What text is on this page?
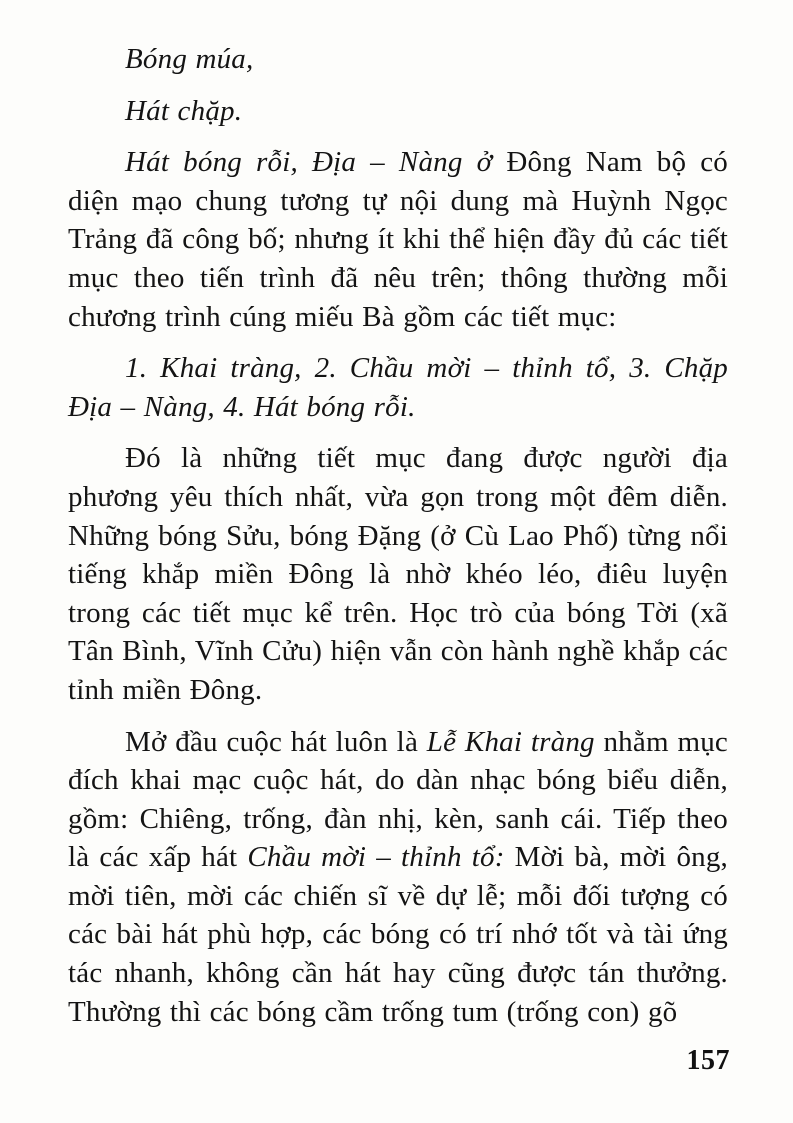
Bóng múa,

Hát chặp.

Hát bóng rỗi, Địa – Nàng ở Đông Nam bộ có diện mạo chung tương tự nội dung mà Huỳnh Ngọc Trảng đã công bố; nhưng ít khi thể hiện đầy đủ các tiết mục theo tiến trình đã nêu trên; thông thường mỗi chương trình cúng miếu Bà gồm các tiết mục:

1. Khai tràng, 2. Chầu mời – thỉnh tổ, 3. Chặp Địa – Nàng, 4. Hát bóng rỗi.

Đó là những tiết mục đang được người địa phương yêu thích nhất, vừa gọn trong một đêm diễn. Những bóng Sửu, bóng Đặng (ở Cù Lao Phố) từng nổi tiếng khắp miền Đông là nhờ khéo léo, điêu luyện trong các tiết mục kể trên. Học trò của bóng Tời (xã Tân Bình, Vĩnh Cửu) hiện vẫn còn hành nghề khắp các tỉnh miền Đông.

Mở đầu cuộc hát luôn là Lễ Khai tràng nhằm mục đích khai mạc cuộc hát, do dàn nhạc bóng biểu diễn, gồm: Chiêng, trống, đàn nhị, kèn, sanh cái. Tiếp theo là các xấp hát Chầu mời – thỉnh tổ: Mời bà, mời ông, mời tiên, mời các chiến sĩ về dự lễ; mỗi đối tượng có các bài hát phù hợp, các bóng có trí nhớ tốt và tài ứng tác nhanh, không cần hát hay cũng được tán thưởng. Thường thì các bóng cầm trống tum (trống con) gõ

157
